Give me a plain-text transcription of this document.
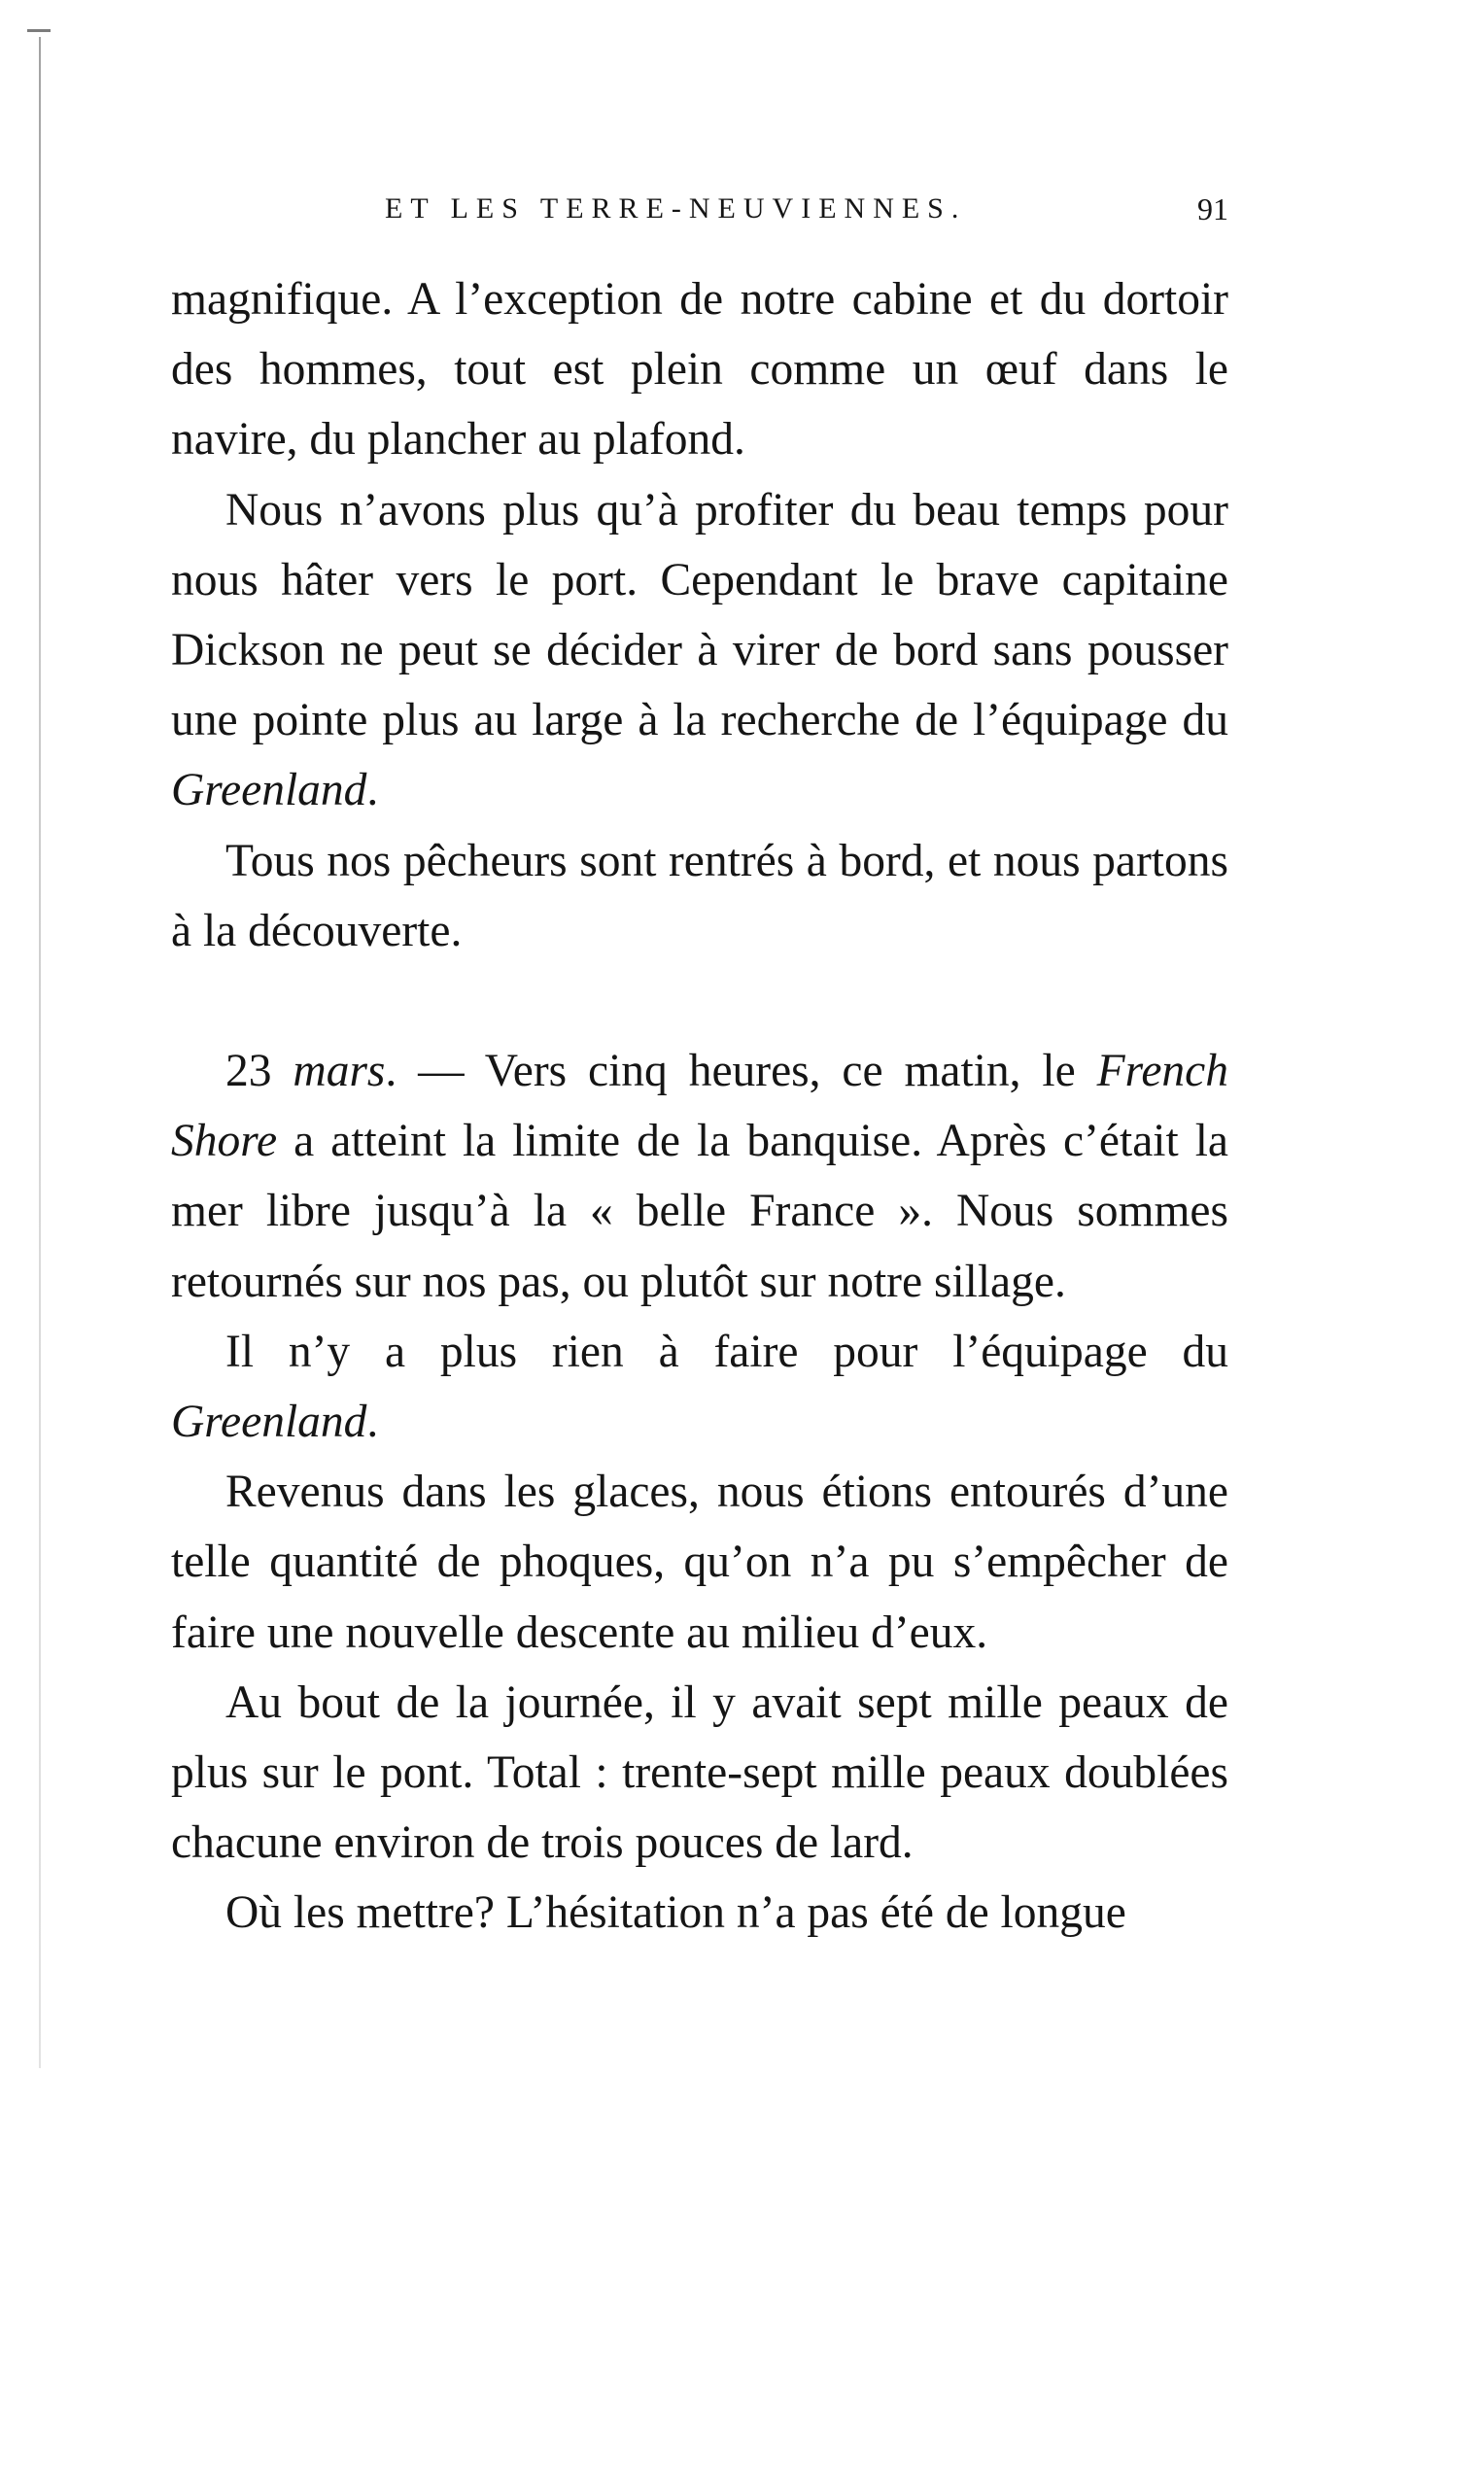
ET LES TERRE-NEUVIENNES.	91

magnifique. A l’exception de notre cabine et du dortoir des hommes, tout est plein comme un œuf dans le navire, du plancher au plafond.

Nous n’avons plus qu’à profiter du beau temps pour nous hâter vers le port. Cependant le brave capitaine Dickson ne peut se décider à virer de bord sans pousser une pointe plus au large à la recherche de l’équipage du Greenland.

Tous nos pêcheurs sont rentrés à bord, et nous partons à la découverte.

23 mars. — Vers cinq heures, ce matin, le French Shore a atteint la limite de la banquise. Après c’était la mer libre jusqu’à la « belle France ». Nous sommes retournés sur nos pas, ou plutôt sur notre sillage.

Il n’y a plus rien à faire pour l’équipage du Greenland.

Revenus dans les glaces, nous étions entourés d’une telle quantité de phoques, qu’on n’a pu s’empêcher de faire une nouvelle descente au milieu d’eux.

Au bout de la journée, il y avait sept mille peaux de plus sur le pont. Total : trente-sept mille peaux doublées chacune environ de trois pouces de lard.

Où les mettre? L’hésitation n’a pas été de longue
